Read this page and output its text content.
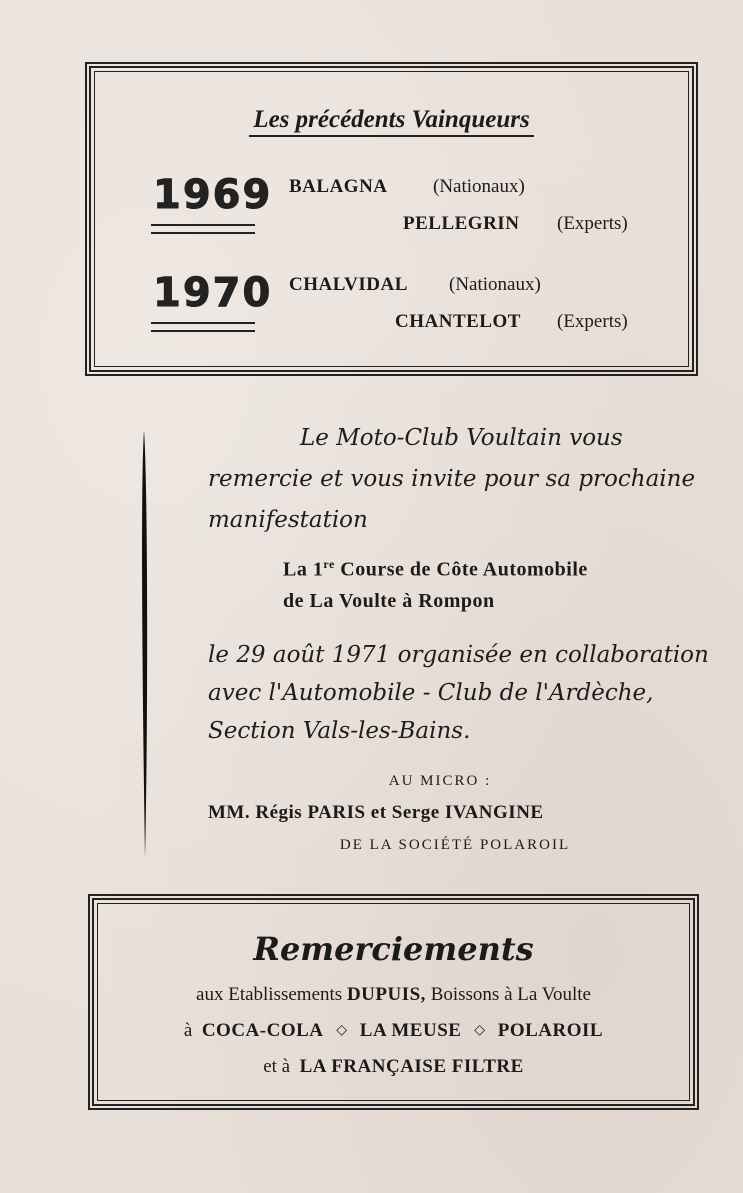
Les précédents Vainqueurs
1969 BALAGNA (Nationaux)
PELLEGRIN (Experts)
1970 CHALVIDAL (Nationaux)
CHANTELOT (Experts)
Le Moto-Club Voultain vous
remercie et vous invite pour sa prochaine
manifestation
La 1re Course de Côte Automobile
de La Voulte à Rompon
le 29 août 1971 organisée en collaboration
avec l'Automobile - Club de l'Ardèche,
Section Vals-les-Bains.
AU MICRO :
MM. Régis PARIS et Serge IVANGINE
DE LA SOCIÉTÉ POLAROIL
Remerciements
aux Etablissements DUPUIS, Boissons à La Voulte
à COCA-COLA ◇ LA MEUSE ◇ POLAROIL
et à LA FRANÇAISE FILTRE
